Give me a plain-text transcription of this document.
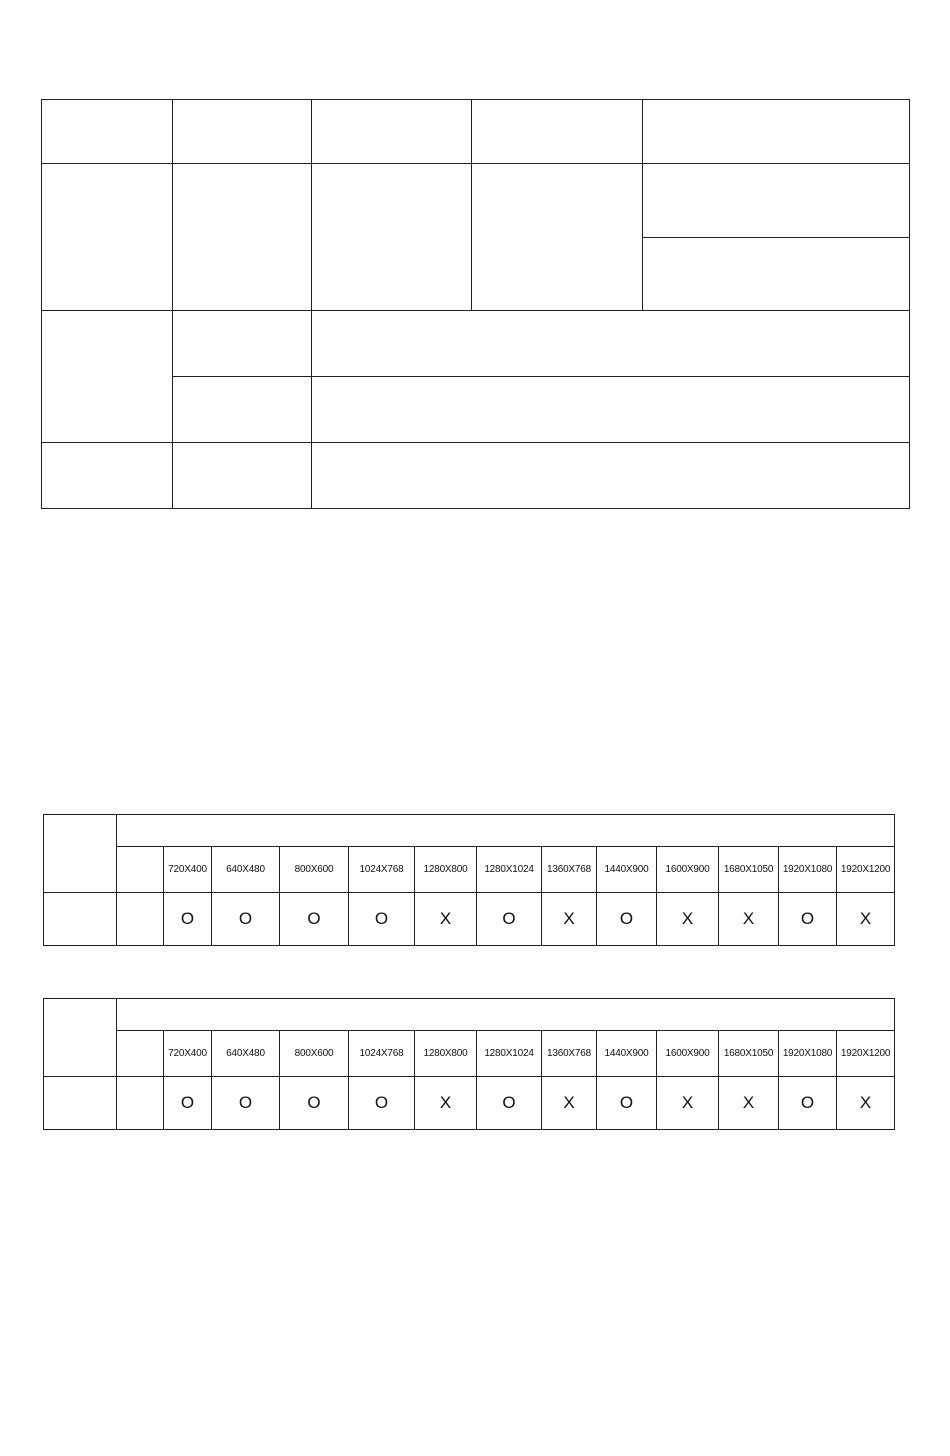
		720X400	640X480	800X600	1024X768	1280X800	1280X1024	1360X768	1440X900	1600X900	1680X1050	1920X1080	1920X1200
		O	O	O	O	X	O	X	O	X	X	O	X

		720X400	640X480	800X600	1024X768	1280X800	1280X1024	1360X768	1440X900	1600X900	1680X1050	1920X1080	1920X1200
		O	O	O	O	X	O	X	O	X	X	O	X
